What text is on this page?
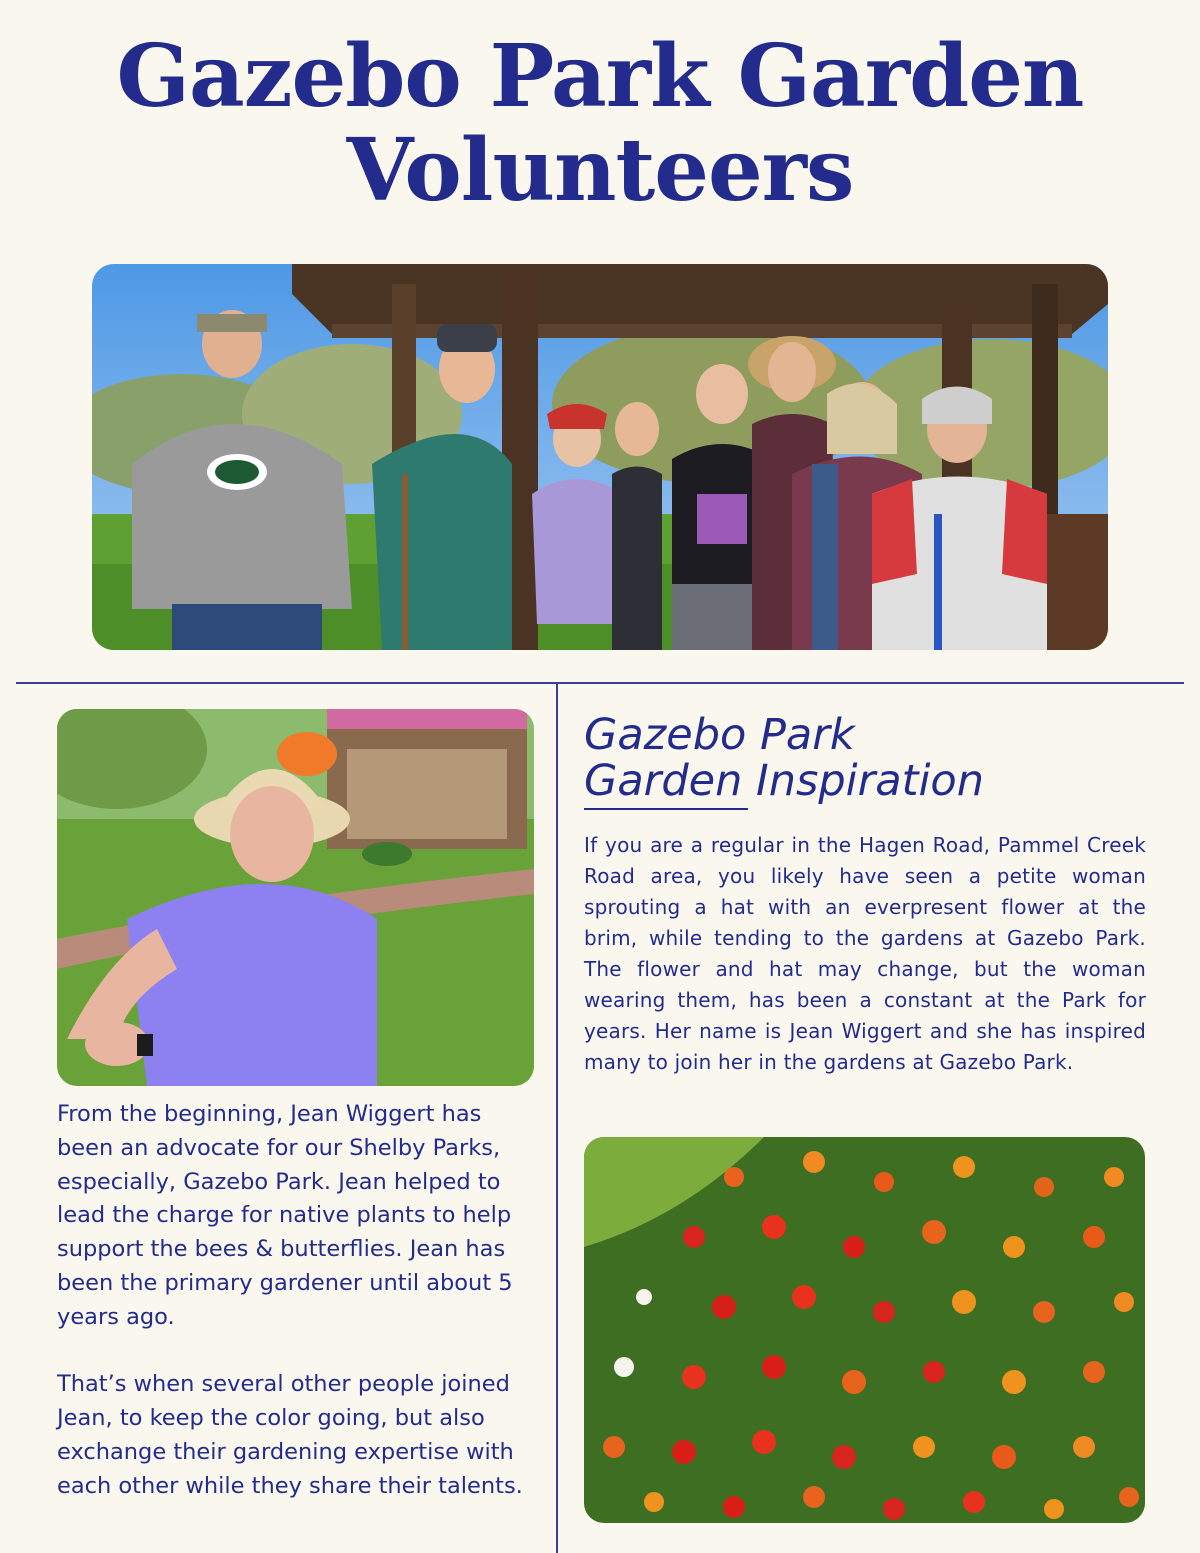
Gazebo Park Garden
Volunteers
Gazebo Park
Garden Inspiration
If you are a regular in the Hagen Road, Pammel Creek Road area, you likely have seen a petite woman sprouting a hat with an everpresent flower at the brim, while tending to the gardens at Gazebo Park. The flower and hat may change, but the woman wearing them, has been a constant at the Park for years. Her name is Jean Wiggert and she has inspired many to join her in the gardens at Gazebo Park.

From the beginning, Jean Wiggert has been an advocate for our Shelby Parks, especially, Gazebo Park. Jean helped to lead the charge for native plants to help support the bees & butterflies. Jean has been the primary gardener until about 5 years ago.

That’s when several other people joined Jean, to keep the color going, but also exchange their gardening expertise with each other while they share their talents.
